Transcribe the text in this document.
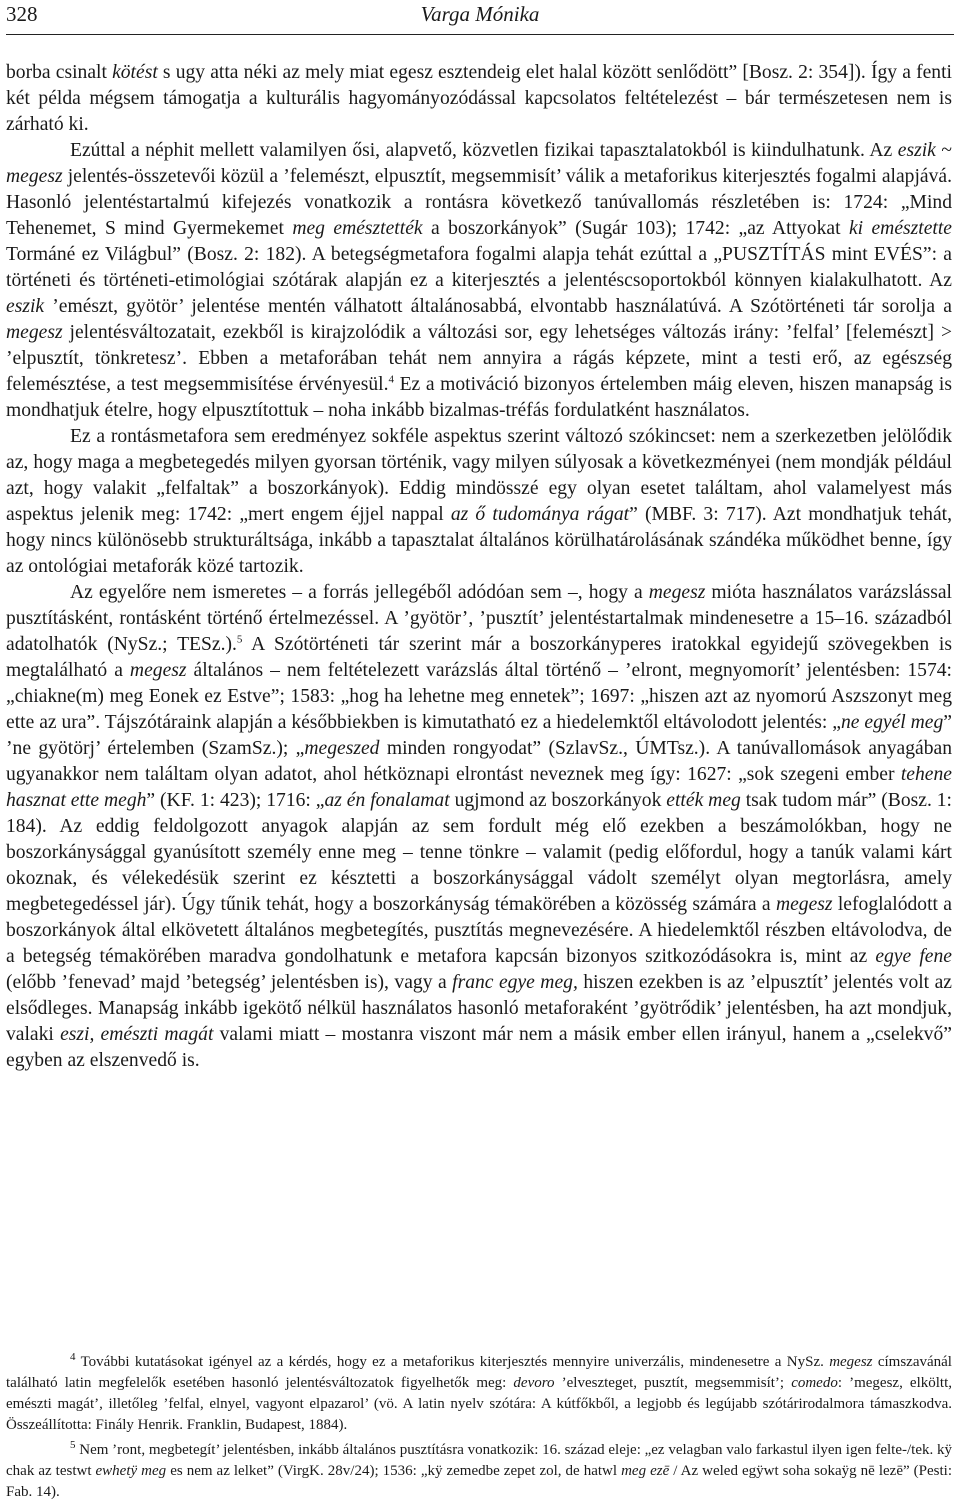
328	Varga Mónika

borba csinalt kötést s ugy atta néki az mely miat egesz esztendeig elet halal között senlődött” [Bosz. 2: 354]). Így a fenti két példa mégsem támogatja a kulturális hagyományozódással kapcsolatos feltételezést – bár természetesen nem is zárható ki.

Ezúttal a néphit mellett valamilyen ősi, alapvető, közvetlen fizikai tapasztalatokból is kiindulhatunk. Az eszik ~ megesz jelentés-összetevői közül a ’felemészt, elpusztít, megsemmisít’ válik a metaforikus kiterjesztés fogalmi alapjává. Hasonló jelentéstartalmú kifejezés vonatkozik a rontásra következő tanúvallomás részletében is: 1724: „Mind Tehenemet, S mind Gyermekemet meg emésztették a boszorkányok” (Sugár 103); 1742: „az Attyokat ki emésztette Tormáné ez Világbul” (Bosz. 2: 182). A betegségmetafora fogalmi alapja tehát ezúttal a „PUSZTÍTÁS mint EVÉS”: a történeti és történeti-etimológiai szótárak alapján ez a kiterjesztés a jelentéscsoportokból könnyen kialakulhatott. Az eszik ’emészt, gyötör’ jelentése mentén válhatott általánosabbá, elvontabb használatúvá. A Szótörténeti tár sorolja a megesz jelentésváltozatait, ezekből is kirajzolódik a változási sor, egy lehetséges változás irány: ’felfal’ [felemészt] > ’elpusztít, tönkretesz’. Ebben a metaforában tehát nem annyira a rágás képzete, mint a testi erő, az egészség felemésztése, a test megsemmisítése érvényesül.$^4$ Ez a motiváció bizonyos értelemben máig eleven, hiszen manapság is mondhatjuk ételre, hogy elpusztítottuk – noha inkább bizalmas-tréfás fordulatként használatos.

Ez a rontásmetafora sem eredményez sokféle aspektus szerint változó szókincset: nem a szerkezetben jelölődik az, hogy maga a megbetegedés milyen gyorsan történik, vagy milyen súlyosak a következményei (nem mondják például azt, hogy valakit „felfaltak” a boszorkányok). Eddig mindösszé egy olyan esetet találtam, ahol valamelyest más aspektus jelenik meg: 1742: „mert engem éjjel nappal az ő tudománya rágat” (MBF. 3: 717). Azt mondhatjuk tehát, hogy nincs különösebb strukturáltsága, inkább a tapasztalat általános körülhatárolásának szándéka működhet benne, így az ontológiai metaforák közé tartozik.

Az egyelőre nem ismeretes – a forrás jellegéből adódóan sem –, hogy a megesz mióta használatos varázslással pusztításként, rontásként történő értelmezéssel. A ’gyötör’, ’pusztít’ jelentéstartalmak mindenesetre a 15–16. századból adatolhatók (NySz.; TESz.).$^5$ A Szótörténeti tár szerint már a boszorkányperes iratokkal egyidejű szövegekben is megtalálható a megesz általános – nem feltételezett varázslás által történő – ’elront, megnyomorít’ jelentésben: 1574: „chiakne(m) meg Eonek ez Estve”; 1583: „hog ha lehetne meg ennetek”; 1697: „hiszen azt az nyomorú Aszszonyt meg ette az ura”. Tájszótáraink alapján a későbbiekben is kimutatható ez a hiedelemktől eltávolodott jelentés: „ne egyél meg” ’ne gyötörj’ értelemben (SzamSz.); „megeszed minden rongyodat” (SzlavSz., ÚMTsz.). A tanúvallomások anyagában ugyanakkor nem találtam olyan adatot, ahol hétköznapi elrontást neveznek meg így: 1627: „sok szegeni ember tehene hasznat ette megh” (KF. 1: 423); 1716: „az én fonalamat ugjmond az boszorkányok ették meg tsak tudom már” (Bosz. 1: 184). Az eddig feldolgozott anyagok alapján az sem fordult még elő ezekben a beszámolókban, hogy ne boszorkánysággal gyanúsított személy enne meg – tenne tönkre – valamit (pedig előfordul, hogy a tanúk valami kárt okoznak, és vélekedésük szerint ez késztetti a boszorkánysággal vádolt személyt olyan megtorlásra, amely megbetegedéssel jár). Úgy tűnik tehát, hogy a boszorkányság témakörében a közösség számára a megesz lefoglalódott a boszorkányok által elkövetett általános megbetegítés, pusztítás megnevezésére. A hiedelemktől részben eltávolodva, de a betegség témakörében maradva gondolhatunk e metafora kapcsán bizonyos szitkozódásokra is, mint az egye fene (előbb ’fenevad’ majd ’betegség’ jelentésben is), vagy a franc egye meg, hiszen ezekben is az ’elpusztít’ jelentés volt az elsődleges. Manapság inkább igekötő nélkül használatos hasonló metaforaként ’gyötrődik’ jelentésben, ha azt mondjuk, valaki eszi, emészti magát valami miatt – mostanra viszont már nem a másik ember ellen irányul, hanem a „cselekvő” egyben az elszenvedő is.

$^4$ További kutatásokat igényel az a kérdés, hogy ez a metaforikus kiterjesztés mennyire univerzális, mindenesetre a NySz. megesz címszavánál található latin megfelelők esetében hasonló jelentésváltozatok figyelhetők meg: devoro ’elveszteget, pusztít, megsemmisít’; comedo: ’megesz, elköltt, emészti magát’, illetőleg ’felfal, elnyel, vagyont elpazarol’ (vö. A latin nyelv szótára: A kútfőkből, a legjobb és legújabb szótárirodalmora támaszkodva. Összeállította: Finály Henrik. Franklin, Budapest, 1884).

$^5$ Nem ’ront, megbetegít’ jelentésben, inkább általános pusztításra vonatkozik: 16. század eleje: „ez velagban valo farkastul ilyen igen felte-/tek. kÿ chak az testwt ewhetÿ meg es nem az lelket” (VirgK. 28v/24); 1536: „kÿ zemedbe zepet zol, de hatwl meg ezē / Az weled egÿwt soha sokaÿg nē lezē” (Pesti: Fab. 14).
